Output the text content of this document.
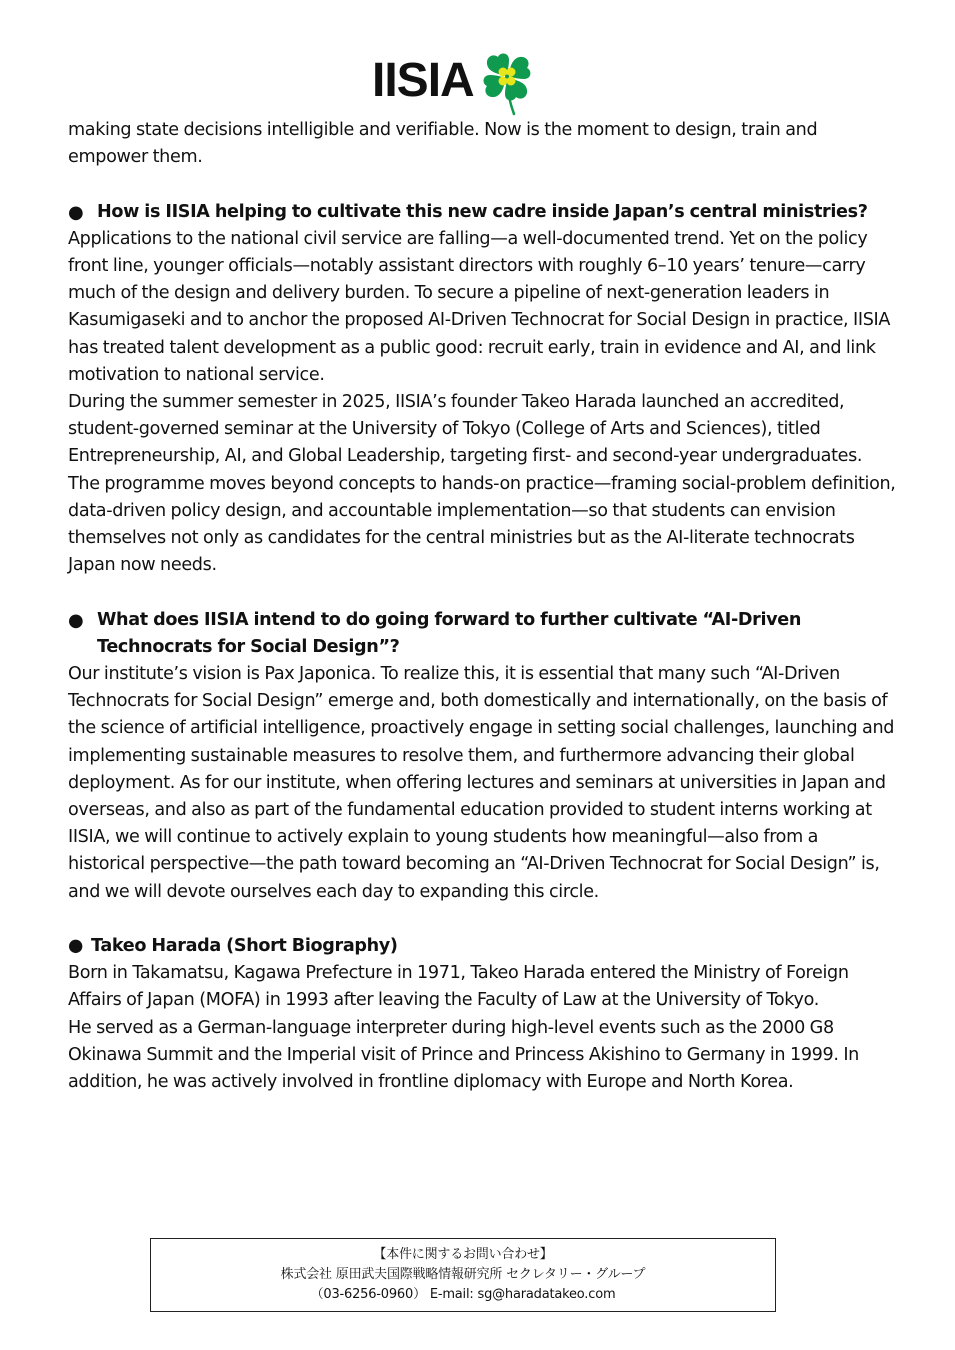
IISIA

making state decisions intelligible and verifiable. Now is the moment to design, train and empower them.

● How is IISIA helping to cultivate this new cadre inside Japan’s central ministries?

Applications to the national civil service are falling—a well-documented trend. Yet on the policy front line, younger officials—notably assistant directors with roughly 6–10 years’ tenure—carry much of the design and delivery burden. To secure a pipeline of next-generation leaders in Kasumigaseki and to anchor the proposed AI-Driven Technocrat for Social Design in practice, IISIA has treated talent development as a public good: recruit early, train in evidence and AI, and link motivation to national service.

During the summer semester in 2025, IISIA’s founder Takeo Harada launched an accredited, student-governed seminar at the University of Tokyo (College of Arts and Sciences), titled Entrepreneurship, AI, and Global Leadership, targeting first- and second-year undergraduates. The programme moves beyond concepts to hands-on practice—framing social-problem definition, data-driven policy design, and accountable implementation—so that students can envision themselves not only as candidates for the central ministries but as the AI-literate technocrats Japan now needs.

● What does IISIA intend to do going forward to further cultivate “AI-Driven Technocrats for Social Design”?

Our institute’s vision is Pax Japonica. To realize this, it is essential that many such “AI-Driven Technocrats for Social Design” emerge and, both domestically and internationally, on the basis of the science of artificial intelligence, proactively engage in setting social challenges, launching and implementing sustainable measures to resolve them, and furthermore advancing their global deployment. As for our institute, when offering lectures and seminars at universities in Japan and overseas, and also as part of the fundamental education provided to student interns working at IISIA, we will continue to actively explain to young students how meaningful—also from a historical perspective—the path toward becoming an “AI-Driven Technocrat for Social Design” is, and we will devote ourselves each day to expanding this circle.

● Takeo Harada (Short Biography)

Born in Takamatsu, Kagawa Prefecture in 1971, Takeo Harada entered the Ministry of Foreign Affairs of Japan (MOFA) in 1993 after leaving the Faculty of Law at the University of Tokyo.

He served as a German-language interpreter during high-level events such as the 2000 G8 Okinawa Summit and the Imperial visit of Prince and Princess Akishino to Germany in 1999. In addition, he was actively involved in frontline diplomacy with Europe and North Korea.

【本件に関するお問い合わせ】
株式会社 原田武夫国際戦略情報研究所 セクレタリー・グループ
（03-6256-0960） E-mail: sg@haradatakeo.com
